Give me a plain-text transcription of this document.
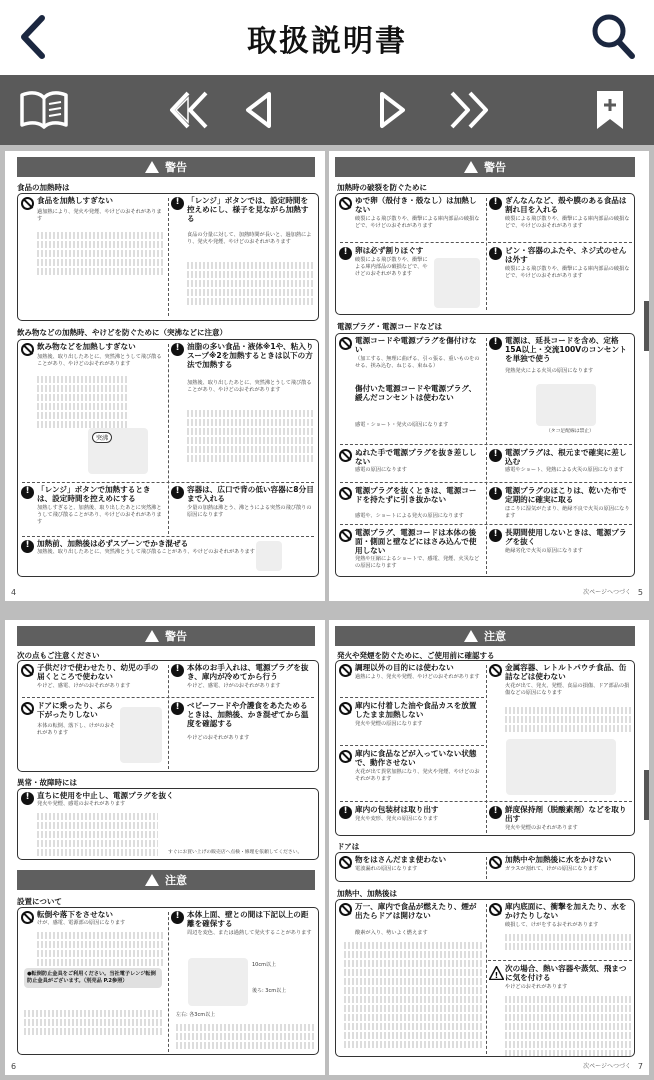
取扱説明書
警告
食品の加熱時は
食品を加熱しすぎない
過加熱により、発火や発煙、やけどのおそれがあります
!
「レンジ」ボタンでは、設定時間を控えめにし、様子を見ながら加熱する
食品の分量に対して、加熱時間が長いと、過加熱により、発火や発煙、やけどのおそれがあります
飲み物などの加熱時、やけどを防ぐために（突沸などに注意）
飲み物などを加熱しすぎない
加熱後、取り出したあとに、突然沸とうして飛び散ることがあり、やけどのおそれがあります
突沸
!
油脂の多い食品・液体※1や、粘入りスープ※2を加熱するときは以下の方法で加熱する
加熱後、取り出したあとに、突然沸とうして飛び散ることがあり、やけどのおそれがあります
!
「レンジ」ボタンで加熱するときは、設定時間を控えめにする
加熱しすぎると、加熱後、取り出したあとに突然沸とうして飛び散ることがあり、やけどのおそれがあります
!
容器は、広口で背の低い容器に8分目まで入れる
少量の加熱は沸とう、沸とうによる突然の飛び散りの原因になります
!
加熱前、加熱後は必ずスプーンでかき混ぜる
加熱後、取り出したあとに、突然沸とうして飛び散ることがあり、やけどのおそれがあります
4
警告
加熱時の破裂を防ぐために
ゆで卵（殻付き・殻なし）は加熱しない
破裂による飛び散りや、衝撃による庫内部品の破損などで、やけどのおそれがあります
!
ぎんなんなど、殻や膜のある食品は割れ目を入れる
破裂による飛び散りや、衝撃による庫内部品の破損などで、やけどのおそれがあります
!
卵は必ず割りほぐす
破裂による飛び散りや、衝撃による庫内部品の破損などで、やけどのおそれがあります
!
ビン・容器のふたや、ネジ式のせんは外す
破裂による飛び散りや、衝撃による庫内部品の破損などで、やけどのおそれがあります
電源プラグ・電源コードなどは
電源コードや電源プラグを傷付けない
（加工する、無理に曲げる、引っ張る、重いものをのせる、挟み込む、ねじる、束ねる）
傷付いた電源コードや電源プラグ、緩んだコンセントは使わない
感電・ショート・発火の原因になります
!
電源は、延長コードを含め、定格15A以上・交流100Vのコンセントを単独で使う
発熱発火による火災の原因になります
（タコ足配線は禁止）
ぬれた手で電源プラグを抜き差ししない
感電の原因になります
!
電源プラグは、根元まで確実に差し込む
感電やショート、発熱による火災の原因になります
電源プラグを抜くときは、電源コードを持たずに引き抜かない
感電や、ショートによる発火の原因になります
!
電源プラグのほこりは、乾いた布で定期的に確実に取る
ほこりに湿気がたまり、絶縁不良で火災の原因になります
電源プラグ、電源コードは本体の後面・側面と壁などにはさみ込んで使用しない
発熱や圧縮によるショートで、感電、発煙、火災などの原因になります
!
長期間使用しないときは、電源プラグを抜く
絶縁劣化で火災の原因になります
次ページへつづく 5
警告
次の点もご注意ください
子供だけで使わせたり、幼児の手の届くところで使わない
やけど、感電、けがのおそれがあります
!
本体のお手入れは、電源プラグを抜き、庫内が冷めてから行う
やけど、感電、けがのおそれがあります
ドアに乗ったり、ぶら下がったりしない
本体の転倒、落下し、けがのおそれがあります
!
ベビーフードや介護食をあたためるときは、加熱後、かき混ぜてから温度を確認する
やけどのおそれがあります
異常・故障時には
!
直ちに使用を中止し、電源プラグを抜く
発火や発煙、感電のおそれがあります
すぐにお買い上げの販売店へ点検・修理を依頼してください。
注意
設置について
転倒や落下をさせない
けが、感電、電源部の原因になります
●転倒防止金具をご利用ください。当社電子レンジ転倒防止金具がございます。（別売品 P.2参照）
!
本体上面、壁との間は下記以上の距離を確保する
周辺を変色、または過熱して発火することがあります
10cm以上
後ろ: 3cm以上
左右: 各3cm以上
6
注意
発火や発煙を防ぐために、ご使用前に確認する
調理以外の目的には使わない
過熱により、発火や発煙、やけどのおそれがあります
金属容器、レトルトパウチ食品、缶詰などは使わない
火花が出て、発火、発煙、食品の損傷、ドア部品の損傷などの原因になります
庫内に付着した油や食品カスを放置したまま加熱しない
発火や発煙の原因になります
庫内に食品などが入っていない状態で、動作させない
火花が出て異常加熱になり、発火や発煙、やけどのおそれがあります
!
庫内の包装材は取り出す
発火や変形、発火の原因になります
!
鮮度保持剤（脱酸素剤）などを取り出す
発火や発煙のおそれがあります
ドアは
物をはさんだまま使わない
電波漏れの原因になります
加熱中や加熱後に水をかけない
ガラスが割れて、けがの原因になります
加熱中、加熱後は
万一、庫内で食品が燃えたり、煙が出たらドアは開けない
酸素が入り、勢いよく燃えます
庫内底面に、衝撃を加えたり、水をかけたりしない
破損して、けがをするおそれがあります
!
次の場合、熱い容器や蒸気、飛まつに気を付ける
やけどのおそれがあります
次ページへつづく 7
